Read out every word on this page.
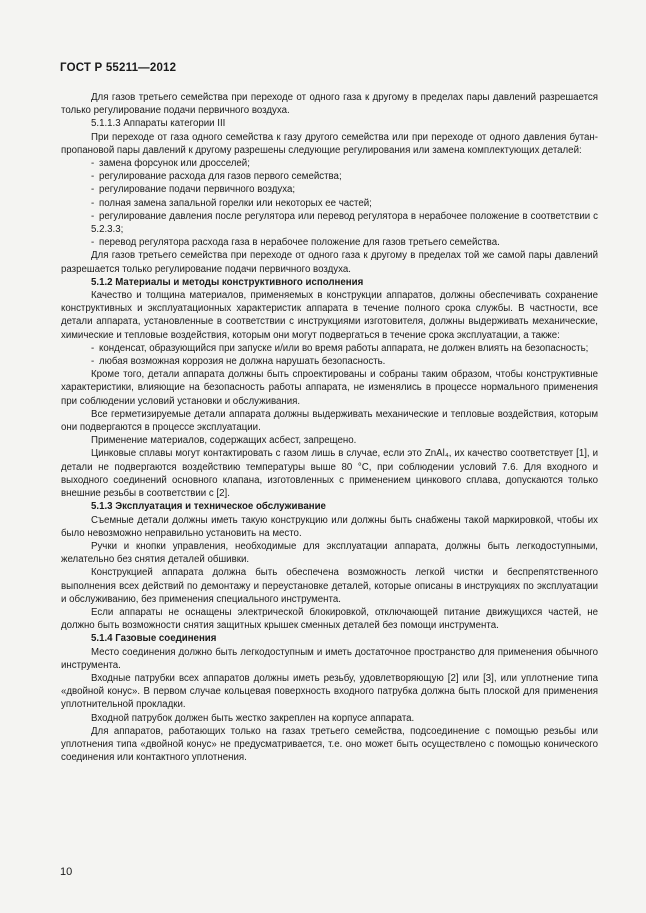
ГОСТ Р 55211—2012

Для газов третьего семейства при переходе от одного газа к другому в пределах пары давлений разрешается только регулирование подачи первичного воздуха.

5.1.1.3 Аппараты категории III

При переходе от газа одного семейства к газу другого семейства или при переходе от одного давления бутан-пропановой пары давлений к другому разрешены следующие регулирования или замена комплектующих деталей:

- замена форсунок или дросселей;

- регулирование расхода для газов первого семейства;

- регулирование подачи первичного воздуха;

- полная замена запальной горелки или некоторых ее частей;

- регулирование давления после регулятора или перевод регулятора в нерабочее положение в соответствии с 5.2.3.3;

- перевод регулятора расхода газа в нерабочее положение для газов третьего семейства.

Для газов третьего семейства при переходе от одного газа к другому в пределах той же самой пары давлений разрешается только регулирование подачи первичного воздуха.

5.1.2 Материалы и методы конструктивного исполнения

Качество и толщина материалов, применяемых в конструкции аппаратов, должны обеспечивать сохранение конструктивных и эксплуатационных характеристик аппарата в течение полного срока службы. В частности, все детали аппарата, установленные в соответствии с инструкциями изготовителя, должны выдерживать механические, химические и тепловые воздействия, которым они могут подвергаться в течение срока эксплуатации, а также:

- конденсат, образующийся при запуске и/или во время работы аппарата, не должен влиять на безопасность;

- любая возможная коррозия не должна нарушать безопасность.

Кроме того, детали аппарата должны быть спроектированы и собраны таким образом, чтобы конструктивные характеристики, влияющие на безопасность работы аппарата, не изменялись в процессе нормального применения при соблюдении условий установки и обслуживания.

Все герметизируемые детали аппарата должны выдерживать механические и тепловые воздействия, которым они подвергаются в процессе эксплуатации.

Применение материалов, содержащих асбест, запрещено.

Цинковые сплавы могут контактировать с газом лишь в случае, если это ZnAl₄, их качество соответствует [1], и детали не подвергаются воздействию температуры выше 80 °С, при соблюдении условий 7.6. Для входного и выходного соединений основного клапана, изготовленных с применением цинкового сплава, допускаются только внешние резьбы в соответствии с [2].

5.1.3 Эксплуатация и техническое обслуживание

Съемные детали должны иметь такую конструкцию или должны быть снабжены такой маркировкой, чтобы их было невозможно неправильно установить на место.

Ручки и кнопки управления, необходимые для эксплуатации аппарата, должны быть легкодоступными, желательно без снятия деталей обшивки.

Конструкцией аппарата должна быть обеспечена возможность легкой чистки и беспрепятственного выполнения всех действий по демонтажу и переустановке деталей, которые описаны в инструкциях по эксплуатации и обслуживанию, без применения специального инструмента.

Если аппараты не оснащены электрической блокировкой, отключающей питание движущихся частей, не должно быть возможности снятия защитных крышек сменных деталей без помощи инструмента.

5.1.4 Газовые соединения

Место соединения должно быть легкодоступным и иметь достаточное пространство для применения обычного инструмента.

Входные патрубки всех аппаратов должны иметь резьбу, удовлетворяющую [2] или [3], или уплотнение типа «двойной конус». В первом случае кольцевая поверхность входного патрубка должна быть плоской для применения уплотнительной прокладки.

Входной патрубок должен быть жестко закреплен на корпусе аппарата.

Для аппаратов, работающих только на газах третьего семейства, подсоединение с помощью резьбы или уплотнения типа «двойной конус» не предусматривается, т.е. оно может быть осуществлено с помощью конического соединения или контактного уплотнения.

10
